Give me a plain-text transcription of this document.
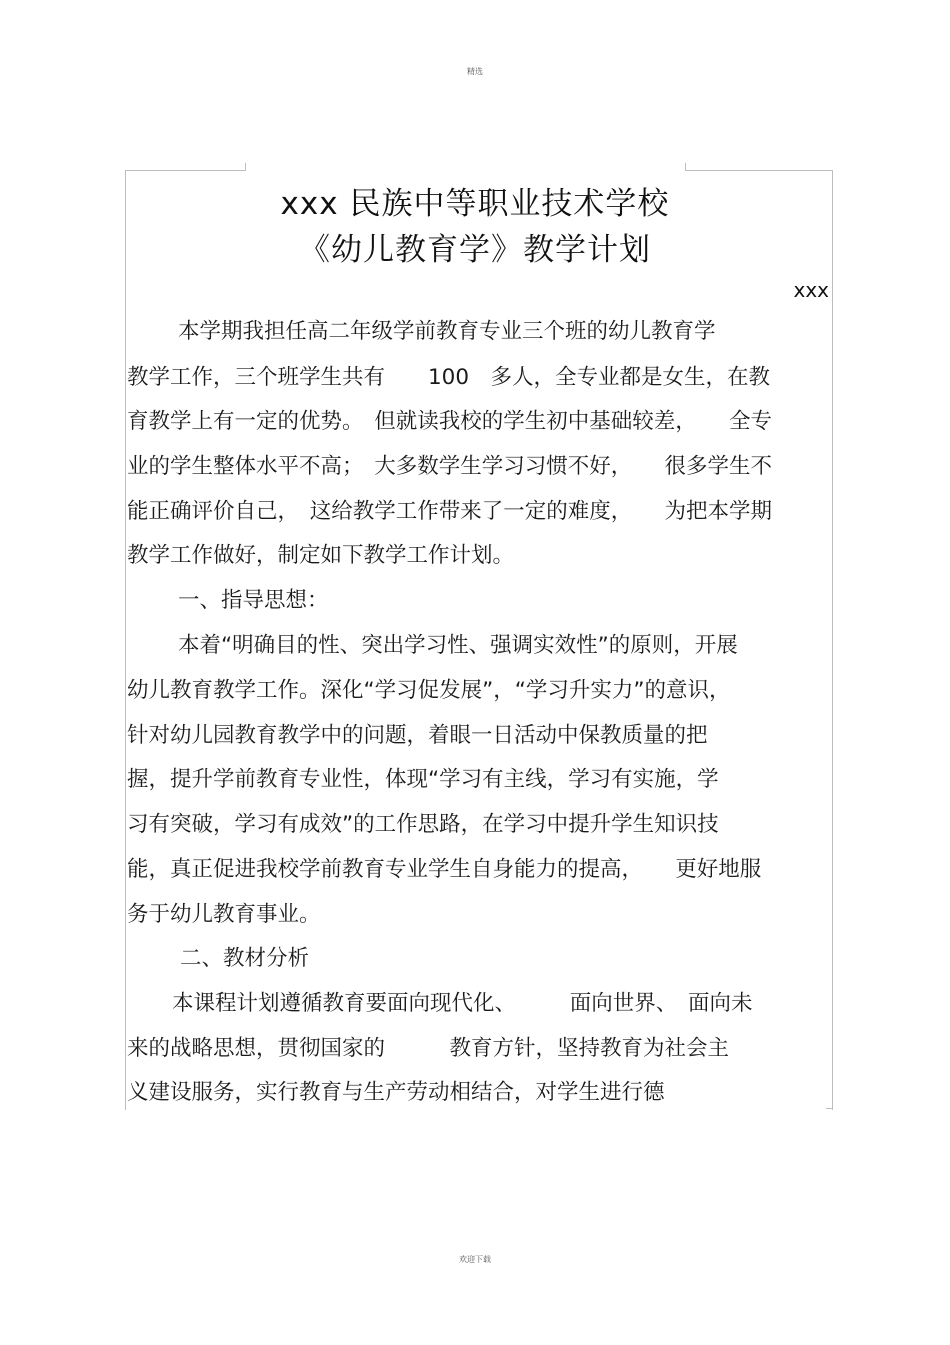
精选
xxx 民族中等职业技术学校
《幼儿教育学》教学计划
xxx
本学期我担任高二年级学前教育专业三个班的幼儿教育学
教学工作，三个班学生共有　　100　多人，全专业都是女生，在教
育教学上有一定的优势。　但就读我校的学生初中基础较差，　　全专
业的学生整体水平不高；　大多数学生学习习惯不好，　　很多学生不
能正确评价自己，　这给教学工作带来了一定的难度，　　为把本学期
教学工作做好，制定如下教学工作计划。
一、指导思想：
本着“明确目的性、突出学习性、强调实效性”的原则，开展
幼儿教育教学工作。深化“学习促发展”，“学习升实力”的意识，
针对幼儿园教育教学中的问题，着眼一日活动中保教质量的把
握，提升学前教育专业性，体现“学习有主线，学习有实施，学
习有突破，学习有成效”的工作思路，在学习中提升学生知识技
能，真正促进我校学前教育专业学生自身能力的提高，　　更好地服
务于幼儿教育事业。
二、教材分析
本课程计划遵循教育要面向现代化、　　　面向世界、　面向未
来的战略思想，贯彻国家的　　　教育方针，坚持教育为社会主
义建设服务，实行教育与生产劳动相结合，对学生进行德
欢迎下载
